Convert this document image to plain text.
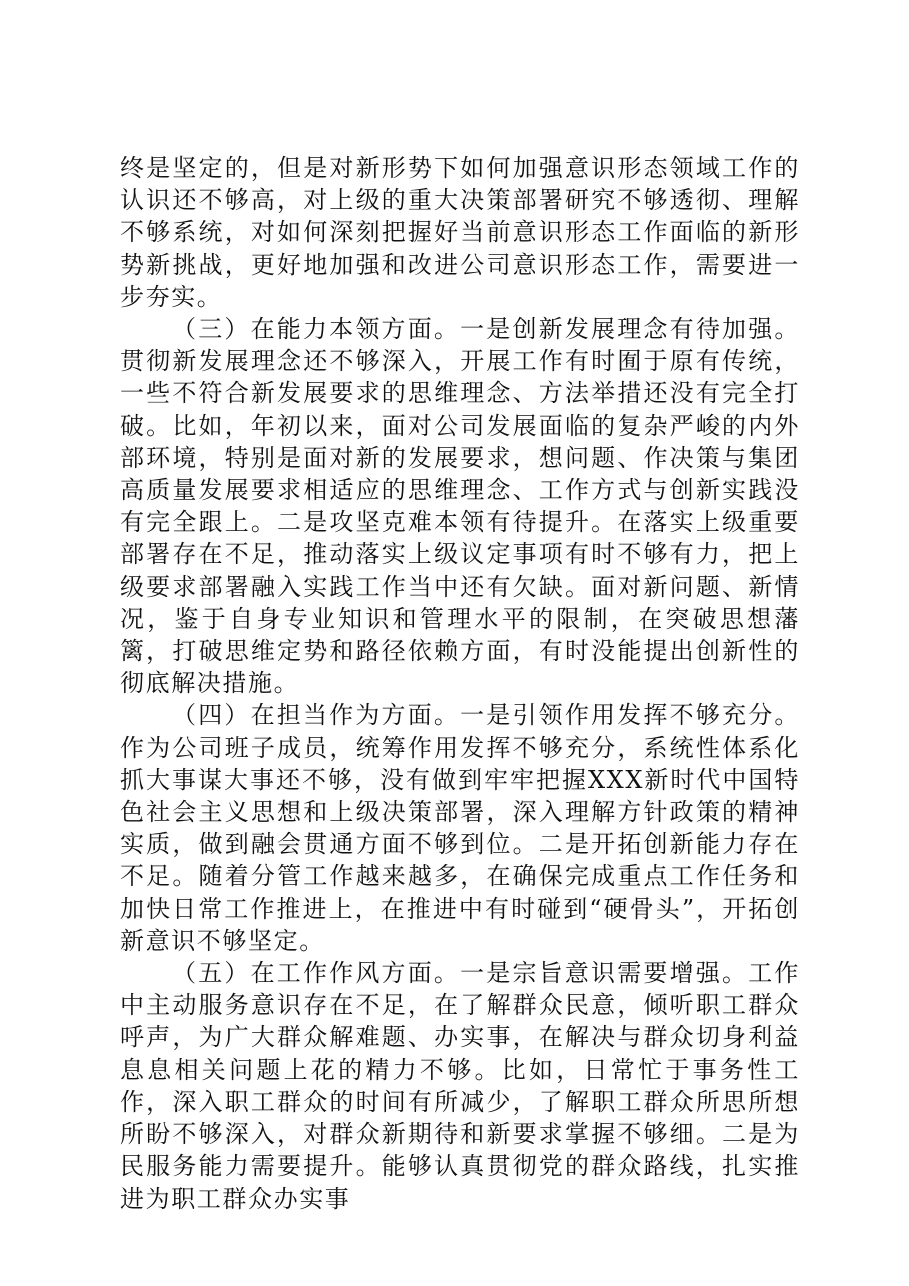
终是坚定的，但是对新形势下如何加强意识形态领域工作的认识还不够高，对上级的重大决策部署研究不够透彻、理解不够系统，对如何深刻把握好当前意识形态工作面临的新形势新挑战，更好地加强和改进公司意识形态工作，需要进一步夯实。

（三）在能力本领方面。一是创新发展理念有待加强。贯彻新发展理念还不够深入，开展工作有时囿于原有传统，一些不符合新发展要求的思维理念、方法举措还没有完全打破。比如，年初以来，面对公司发展面临的复杂严峻的内外部环境，特别是面对新的发展要求，想问题、作决策与集团高质量发展要求相适应的思维理念、工作方式与创新实践没有完全跟上。二是攻坚克难本领有待提升。在落实上级重要部署存在不足，推动落实上级议定事项有时不够有力，把上级要求部署融入实践工作当中还有欠缺。面对新问题、新情况，鉴于自身专业知识和管理水平的限制，在突破思想藩篱，打破思维定势和路径依赖方面，有时没能提出创新性的彻底解决措施。

（四）在担当作为方面。一是引领作用发挥不够充分。作为公司班子成员，统筹作用发挥不够充分，系统性体系化抓大事谋大事还不够，没有做到牢牢把握XXX新时代中国特色社会主义思想和上级决策部署，深入理解方针政策的精神实质，做到融会贯通方面不够到位。二是开拓创新能力存在不足。随着分管工作越来越多，在确保完成重点工作任务和加快日常工作推进上，在推进中有时碰到“硬骨头”，开拓创新意识不够坚定。

（五）在工作作风方面。一是宗旨意识需要增强。工作中主动服务意识存在不足，在了解群众民意，倾听职工群众呼声，为广大群众解难题、办实事，在解决与群众切身利益息息相关问题上花的精力不够。比如，日常忙于事务性工作，深入职工群众的时间有所减少，了解职工群众所思所想所盼不够深入，对群众新期待和新要求掌握不够细。二是为民服务能力需要提升。能够认真贯彻党的群众路线，扎实推进为职工群众办实事
